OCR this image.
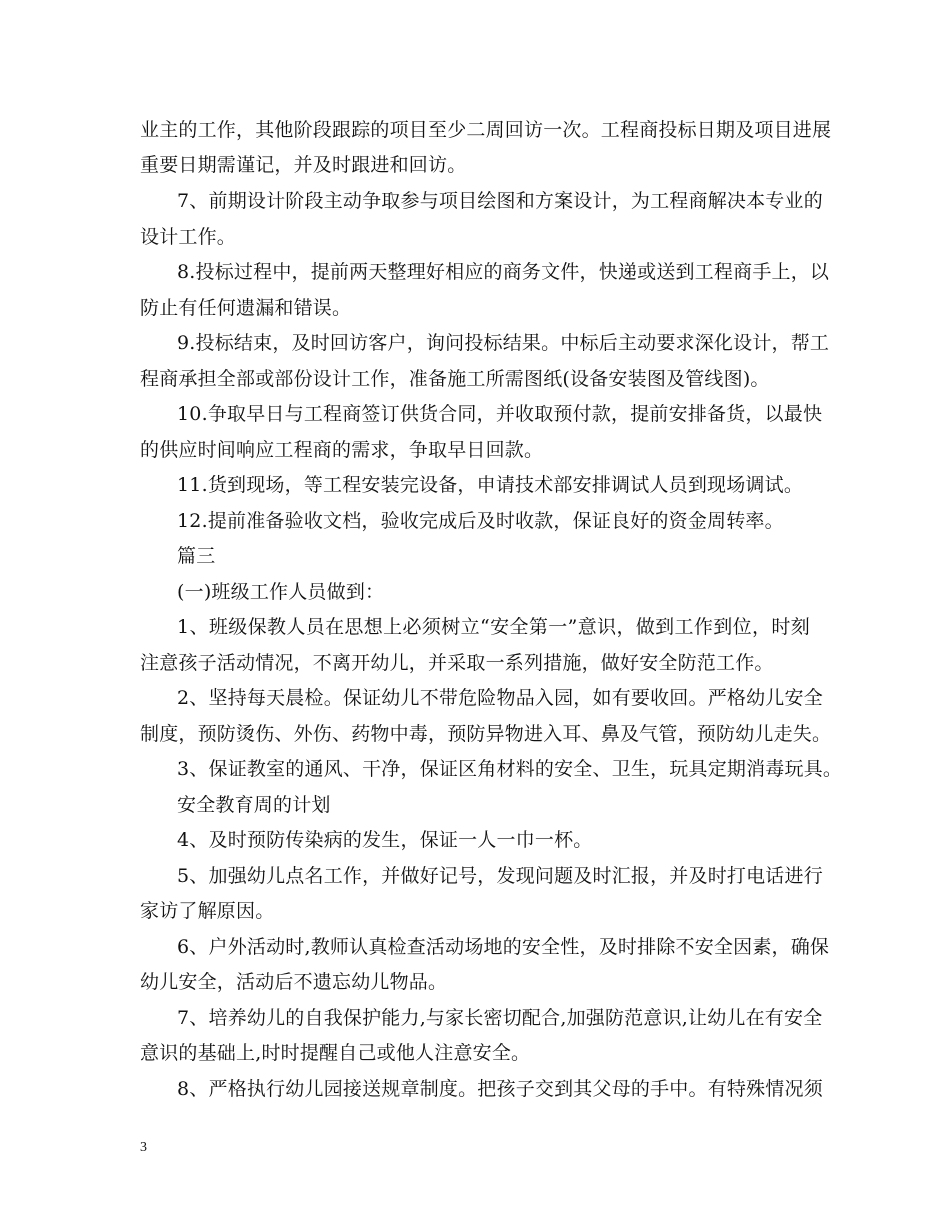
业主的工作，其他阶段跟踪的项目至少二周回访一次。工程商投标日期及项目进展
重要日期需谨记，并及时跟进和回访。
7、前期设计阶段主动争取参与项目绘图和方案设计，为工程商解决本专业的
设计工作。
8.投标过程中，提前两天整理好相应的商务文件，快递或送到工程商手上，以
防止有任何遗漏和错误。
9.投标结束，及时回访客户，询问投标结果。中标后主动要求深化设计，帮工
程商承担全部或部份设计工作，准备施工所需图纸(设备安装图及管线图)。
10.争取早日与工程商签订供货合同，并收取预付款，提前安排备货，以最快
的供应时间响应工程商的需求，争取早日回款。
11.货到现场，等工程安装完设备，申请技术部安排调试人员到现场调试。
12.提前准备验收文档，验收完成后及时收款，保证良好的资金周转率。
篇三
(一)班级工作人员做到：
1、班级保教人员在思想上必须树立“安全第一”意识，做到工作到位，时刻
注意孩子活动情况，不离开幼儿，并采取一系列措施，做好安全防范工作。
2、坚持每天晨检。保证幼儿不带危险物品入园，如有要收回。严格幼儿安全
制度，预防烫伤、外伤、药物中毒，预防异物进入耳、鼻及气管，预防幼儿走失。
3、保证教室的通风、干净，保证区角材料的安全、卫生，玩具定期消毒玩具。
安全教育周的计划
4、及时预防传染病的发生，保证一人一巾一杯。
5、加强幼儿点名工作，并做好记号，发现问题及时汇报，并及时打电话进行
家访了解原因。
6、户外活动时,教师认真检查活动场地的安全性，及时排除不安全因素，确保
幼儿安全，活动后不遗忘幼儿物品。
7、培养幼儿的自我保护能力,与家长密切配合,加强防范意识,让幼儿在有安全
意识的基础上,时时提醒自己或他人注意安全。
8、严格执行幼儿园接送规章制度。把孩子交到其父母的手中。有特殊情况须
3
